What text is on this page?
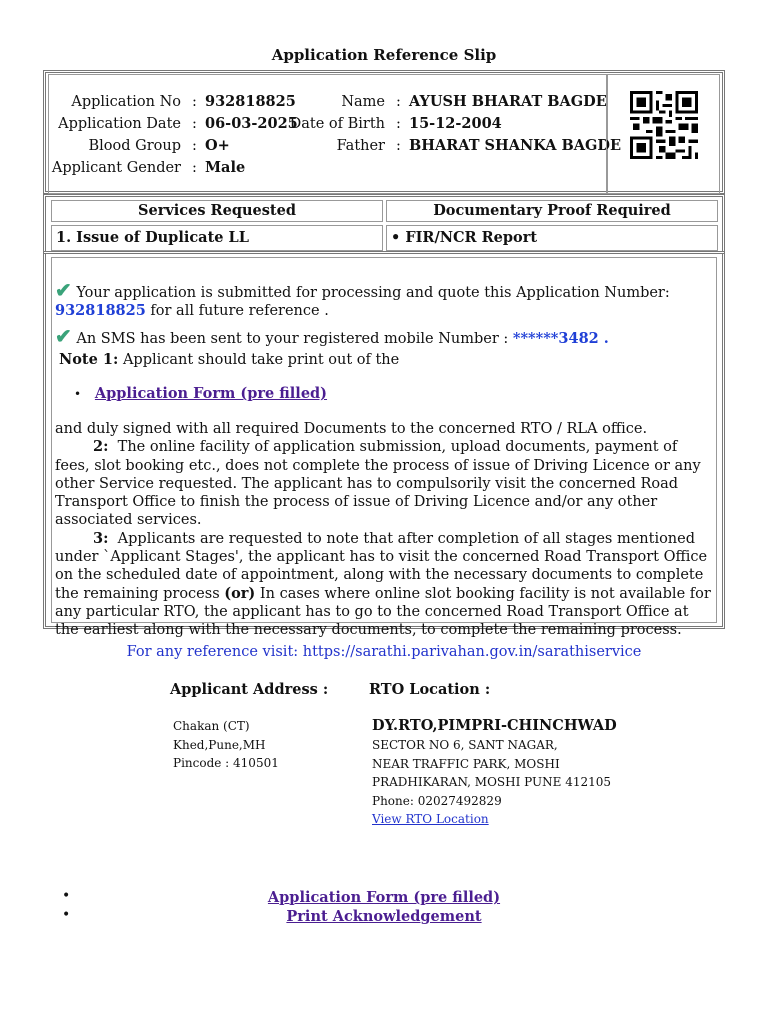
Application Reference Slip
Application No : 932818825	Name : AYUSH BHARAT BAGDE
Application Date : 06-03-2025
Date of Birth : 15-12-2004
Blood Group : O+	Father : BHARAT SHANKA BAGDE
Applicant Gender : Male
Services Requested	Documentary Proof Required
1. Issue of Duplicate LL	• FIR/NCR Report
✔ Your application is submitted for processing and quote this Application Number:
932818825 for all future reference .
✔ An SMS has been sent to your registered mobile Number : ******3482 .
Note 1: Applicant should take print out of the
• Application Form (pre filled)
and duly signed with all required Documents to the concerned RTO / RLA office.
2: The online facility of application submission, upload documents, payment of fees, slot booking etc., does not complete the process of issue of Driving Licence or any other Service requested. The applicant has to compulsorily visit the concerned Road Transport Office to finish the process of issue of Driving Licence and/or any other associated services.
3: Applicants are requested to note that after completion of all stages mentioned under `Applicant Stages', the applicant has to visit the concerned Road Transport Office on the scheduled date of appointment, along with the necessary documents to complete the remaining process (or) In cases where online slot booking facility is not available for any particular RTO, the applicant has to go to the concerned Road Transport Office at the earliest along with the necessary documents, to complete the remaining process.
For any reference visit: https://sarathi.parivahan.gov.in/sarathiservice
Applicant Address :	RTO Location :
Chakan (CT)
Khed,Pune,MH
Pincode : 410501
DY.RTO,PIMPRI-CHINCHWAD
SECTOR NO 6, SANT NAGAR,
NEAR TRAFFIC PARK, MOSHI
PRADHIKARAN, MOSHI PUNE 412105
Phone: 02027492829
View RTO Location
•	Application Form (pre filled)
•	Print Acknowledgement
